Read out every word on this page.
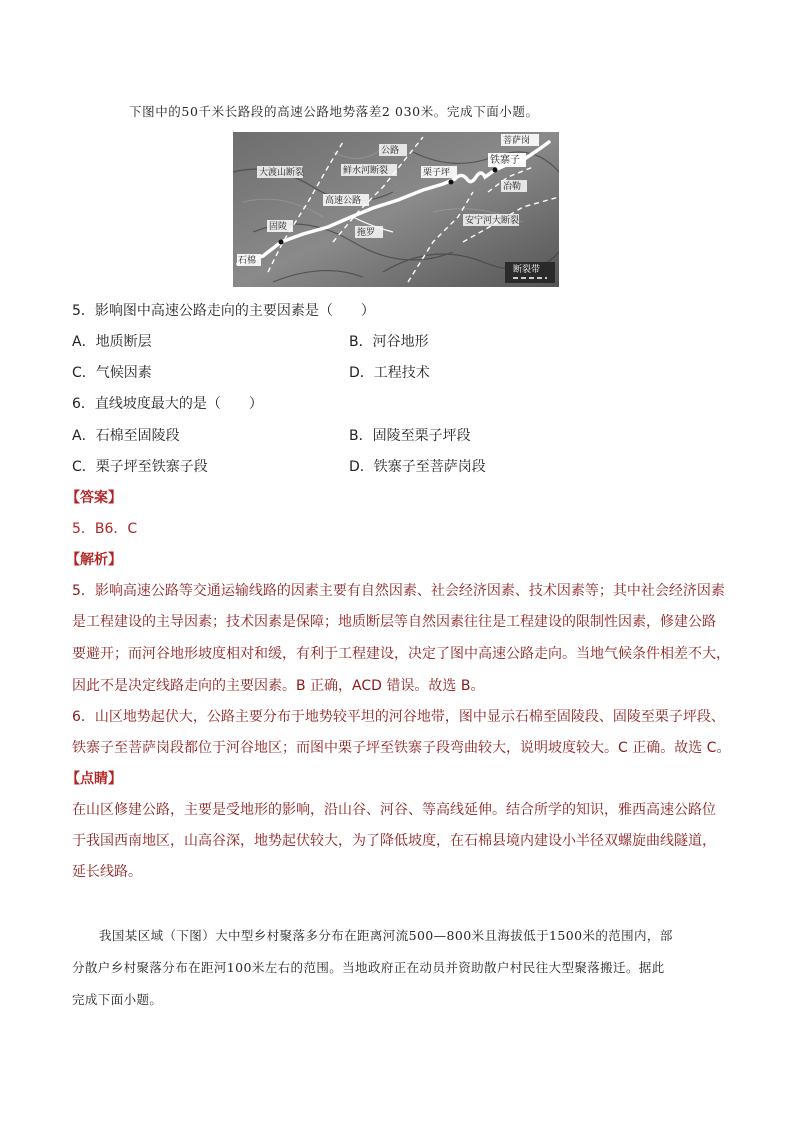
下图中的50千米长路段的高速公路地势落差2 030米。完成下面小题。
石棉
固陵
高速公路
大渡山断裂	鲜水河断裂
公路
栗子坪
铁寨子
菩萨岗
冶勒
安宁河大断裂
拖罗
断裂带
5．影响图中高速公路走向的主要因素是（　　）
A．地质断层	B．河谷地形
C．气候因素	D．工程技术
6．直线坡度最大的是（　　）
A．石棉至固陵段	B．固陵至栗子坪段
C．栗子坪至铁寨子段	D．铁寨子至菩萨岗段
【答案】
5．B6．C
【解析】
5．影响高速公路等交通运输线路的因素主要有自然因素、社会经济因素、技术因素等；其中社会经济因素
是工程建设的主导因素；技术因素是保障；地质断层等自然因素往往是工程建设的限制性因素，修建公路
要避开；而河谷地形坡度相对和缓，有利于工程建设，决定了图中高速公路走向。当地气候条件相差不大，
因此不是决定线路走向的主要因素。B 正确，ACD 错误。故选 B。
6．山区地势起伏大，公路主要分布于地势较平坦的河谷地带，图中显示石棉至固陵段、固陵至栗子坪段、
铁寨子至菩萨岗段都位于河谷地区；而图中栗子坪至铁寨子段弯曲较大，说明坡度较大。C 正确。故选 C。
【点睛】
在山区修建公路，主要是受地形的影响，沿山谷、河谷、等高线延伸。结合所学的知识，雅西高速公路位
于我国西南地区，山高谷深，地势起伏较大，为了降低坡度，在石棉县境内建设小半径双螺旋曲线隧道，
延长线路。
我国某区域（下图）大中型乡村聚落多分布在距离河流500—800米且海拔低于1500米的范围内，部
分散户乡村聚落分布在距河100米左右的范围。当地政府正在动员并资助散户村民往大型聚落搬迁。据此
完成下面小题。
